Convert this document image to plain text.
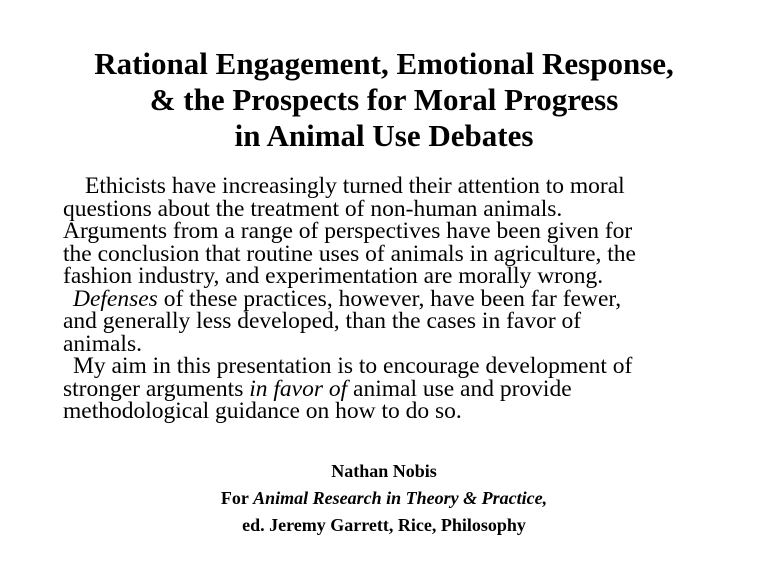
Rational Engagement, Emotional Response,
& the Prospects for Moral Progress
in Animal Use Debates
Ethicists have increasingly turned their attention to moral
questions about the treatment of non-human animals.
Arguments from a range of perspectives have been given for
the conclusion that routine uses of animals in agriculture, the
fashion industry, and experimentation are morally wrong.
Defenses of these practices, however, have been far fewer,
and generally less developed, than the cases in favor of
animals.
My aim in this presentation is to encourage development of
stronger arguments in favor of animal use and provide
methodological guidance on how to do so.
Nathan Nobis
For Animal Research in Theory & Practice,
ed. Jeremy Garrett, Rice, Philosophy
